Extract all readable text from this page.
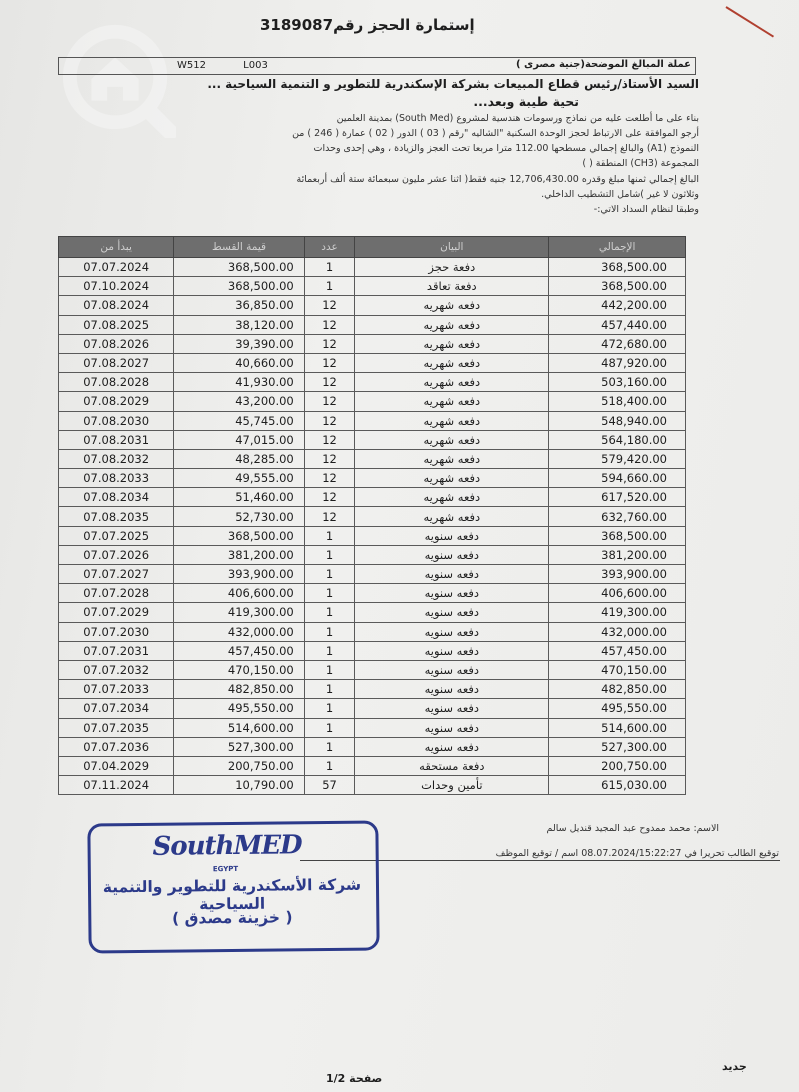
إستمارة الحجز رقم3189087
W512	L003	عملة المبالغ الموضحة(جنية مصرى )
السيد الأستاذ/رئيس قطاع المبيعات بشركة الإسكندرية للتطوير و التنمية السياحية ...
تحية طيبة وبعد...
بناء على ما أطلعت عليه من نماذج ورسومات هندسية لمشروع (South Med) بمدينة العلمين
أرجو الموافقة على الارتباط لحجز الوحدة السكنية "الشاليه "رقم ( 03 ) الدور ( 02 ) عمارة ( 246 ) من
النموذج (A1) والبالغ إجمالي مسطحها 112.00 مترا مربعا تحت العجز والزيادة ، وهي إحدى وحدات
المجموعة (CH3) المنطقة ( )
البالغ إجمالي ثمنها مبلغ وقدره 12,706,430.00 جنيه فقط( اثنا عشر مليون سبعمائة ستة ألف أربعمائة
وثلاثون لا غير )شامل التشطيب الداخلي.
وطبقا لنظام السداد الاتي:-
يبدأ من	قيمة القسط	عدد	البيان	الإجمالي
07.07.2024	368,500.00	1	دفعة حجز	368,500.00
07.10.2024	368,500.00	1	دفعة تعاقد	368,500.00
07.08.2024	36,850.00	12	دفعه شهريه	442,200.00
07.08.2025	38,120.00	12	دفعه شهريه	457,440.00
07.08.2026	39,390.00	12	دفعه شهريه	472,680.00
07.08.2027	40,660.00	12	دفعه شهريه	487,920.00
07.08.2028	41,930.00	12	دفعه شهريه	503,160.00
07.08.2029	43,200.00	12	دفعه شهريه	518,400.00
07.08.2030	45,745.00	12	دفعه شهريه	548,940.00
07.08.2031	47,015.00	12	دفعه شهريه	564,180.00
07.08.2032	48,285.00	12	دفعه شهريه	579,420.00
07.08.2033	49,555.00	12	دفعه شهريه	594,660.00
07.08.2034	51,460.00	12	دفعه شهريه	617,520.00
07.08.2035	52,730.00	12	دفعه شهريه	632,760.00
07.07.2025	368,500.00	1	دفعه سنويه	368,500.00
07.07.2026	381,200.00	1	دفعه سنويه	381,200.00
07.07.2027	393,900.00	1	دفعه سنويه	393,900.00
07.07.2028	406,600.00	1	دفعه سنويه	406,600.00
07.07.2029	419,300.00	1	دفعه سنويه	419,300.00
07.07.2030	432,000.00	1	دفعه سنويه	432,000.00
07.07.2031	457,450.00	1	دفعه سنويه	457,450.00
07.07.2032	470,150.00	1	دفعه سنويه	470,150.00
07.07.2033	482,850.00	1	دفعه سنويه	482,850.00
07.07.2034	495,550.00	1	دفعه سنويه	495,550.00
07.07.2035	514,600.00	1	دفعه سنويه	514,600.00
07.07.2036	527,300.00	1	دفعه سنويه	527,300.00
07.04.2029	200,750.00	1	دفعة مستحقه	200,750.00
07.11.2024	10,790.00	57	تأمين وحدات	615,030.00
الاسم: محمد ممدوح عبد المجيد قنديل سالم
توقيع الطالب تحريرا في 08.07.2024/15:22:27 اسم / توقيع الموظف
SouthMED
EGYPT
شركة الأسكندرية للتطوير والتنمية السياحية
( خزينة مصدق )
جديد
صفحة 1/2
